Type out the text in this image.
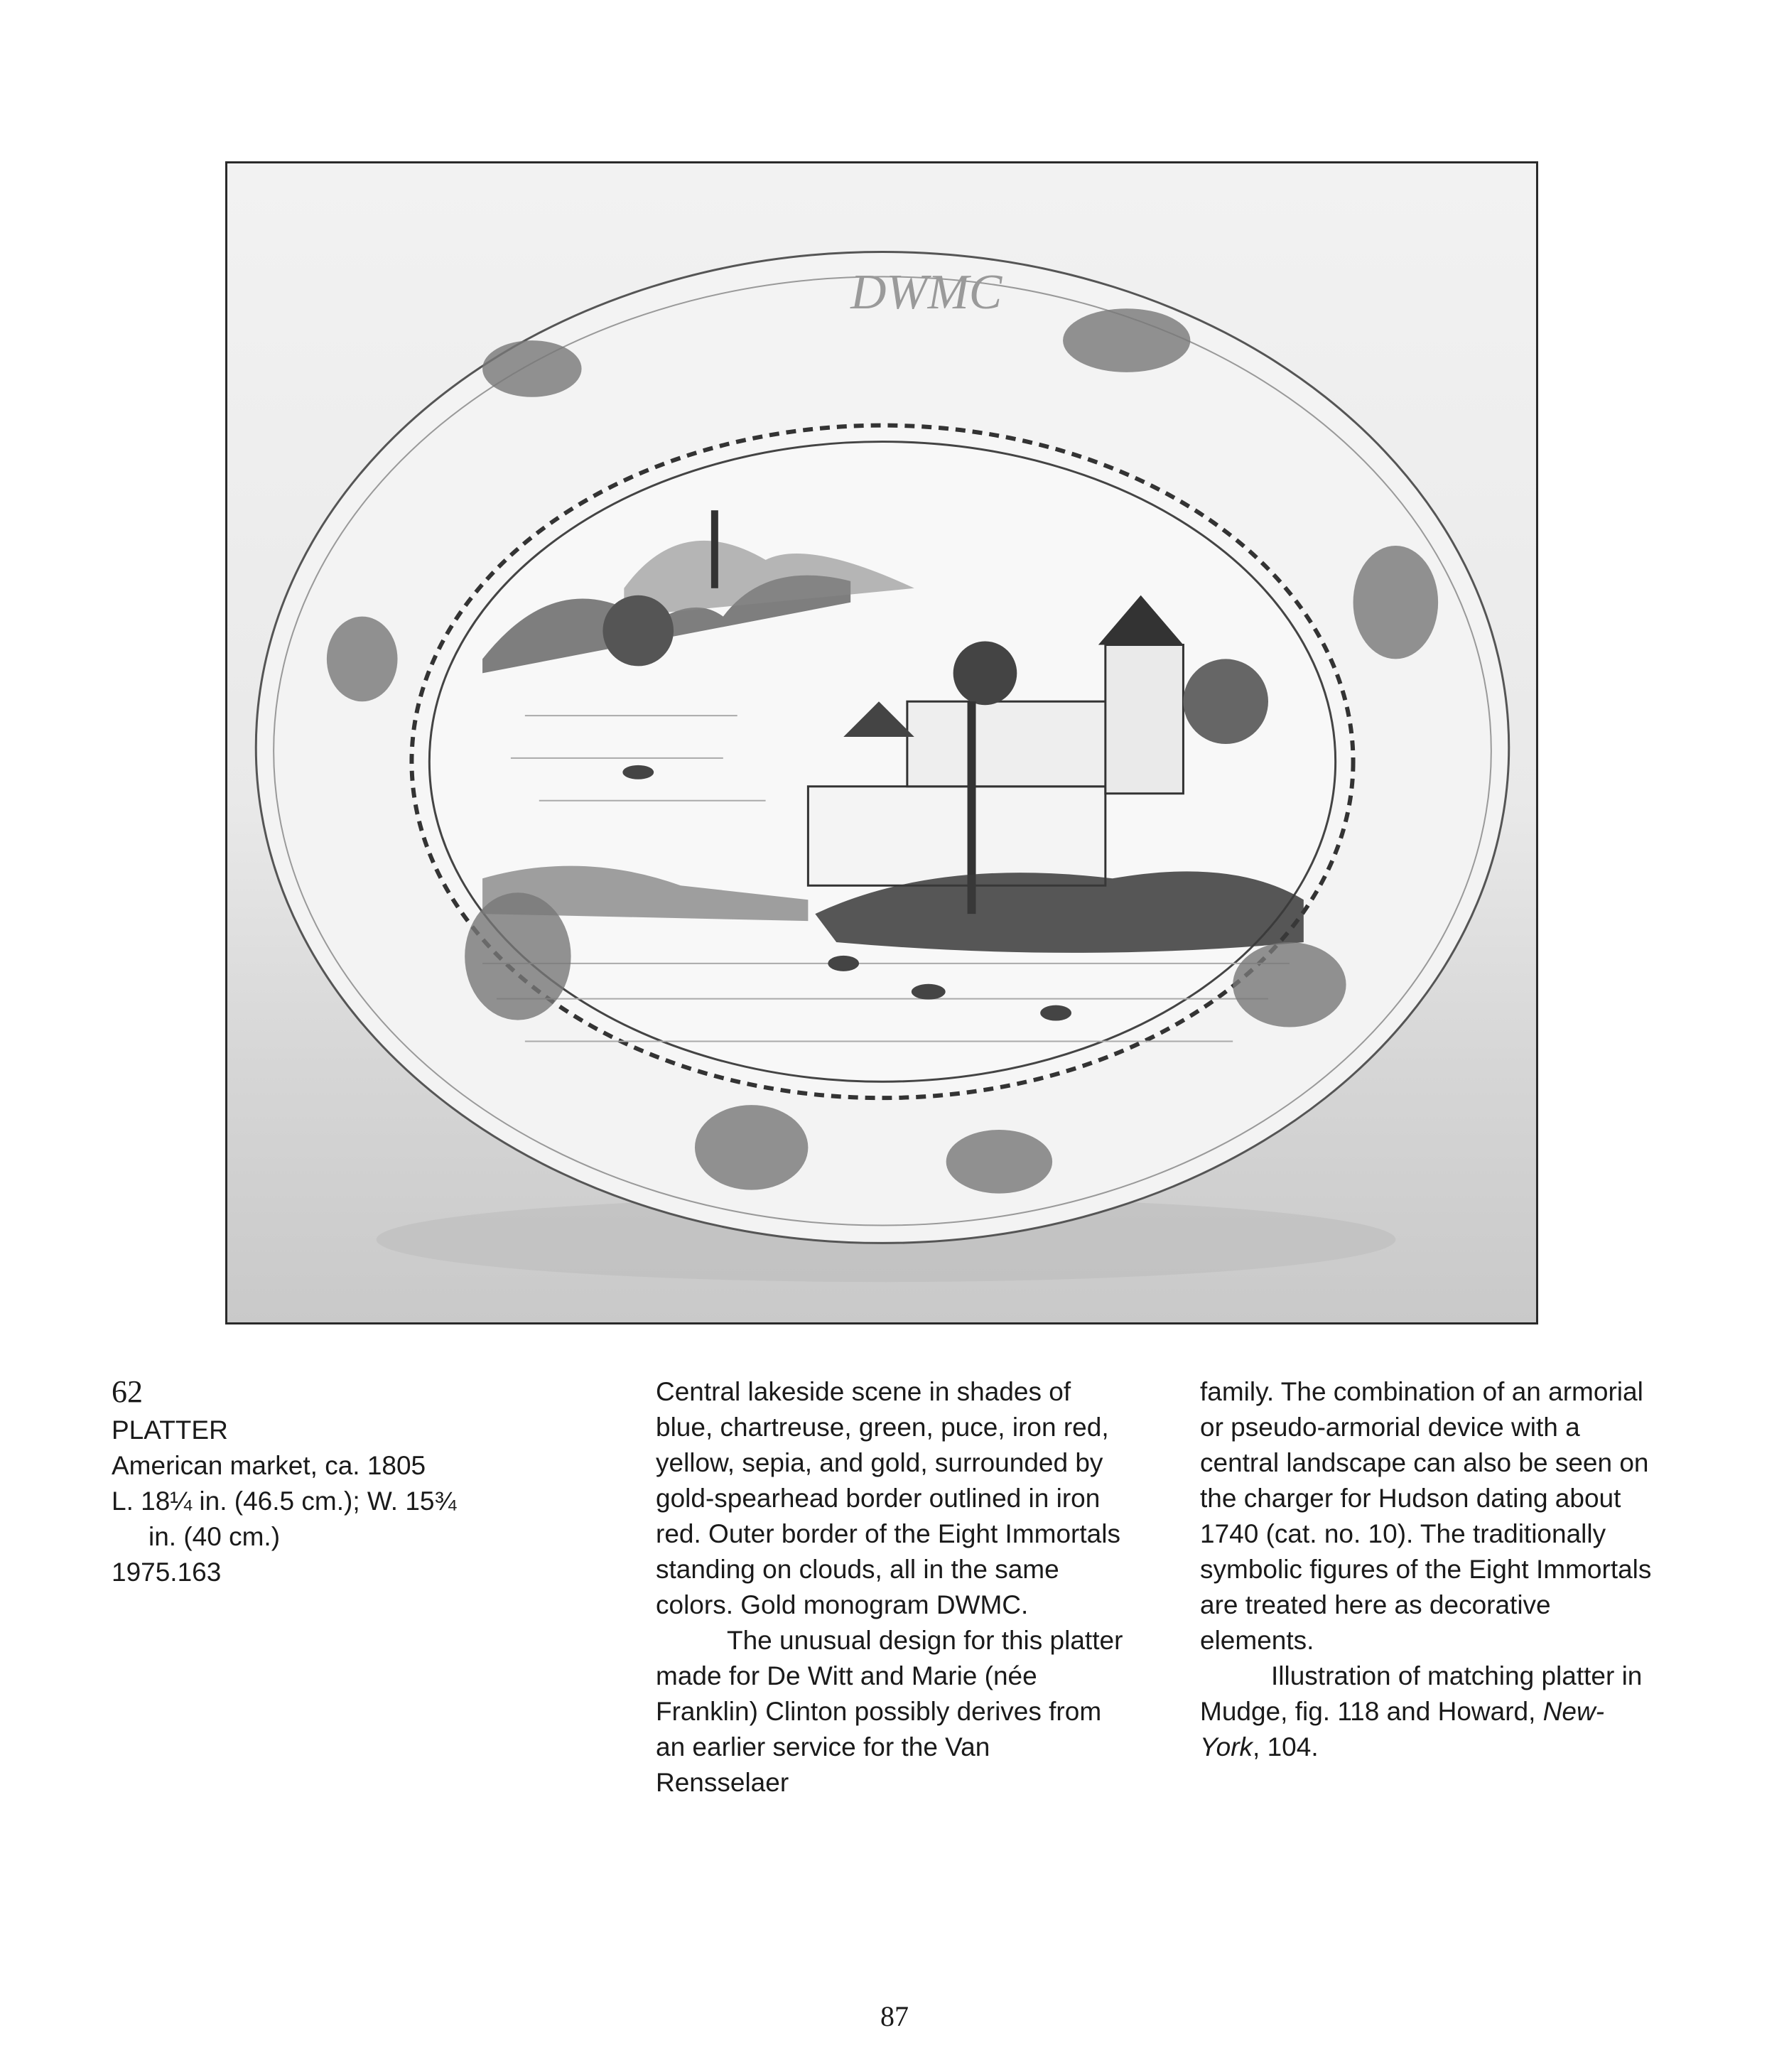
DWMC
62
PLATTER
American market, ca. 1805
L. 18¼ in. (46.5 cm.); W. 15¾
in. (40 cm.)
1975.163

Central lakeside scene in shades of blue, chartreuse, green, puce, iron red, yellow, sepia, and gold, surrounded by gold-spearhead border outlined in iron red. Outer border of the Eight Immortals standing on clouds, all in the same colors. Gold monogram DWMC.

The unusual design for this platter made for De Witt and Marie (née Franklin) Clinton possibly derives from an earlier service for the Van Rensselaer

family. The combination of an armorial or pseudo-armorial device with a central landscape can also be seen on the charger for Hudson dating about 1740 (cat. no. 10). The traditionally symbolic figures of the Eight Immortals are treated here as decorative elements.

Illustration of matching platter in Mudge, fig. 118 and Howard, New-York, 104.

87
